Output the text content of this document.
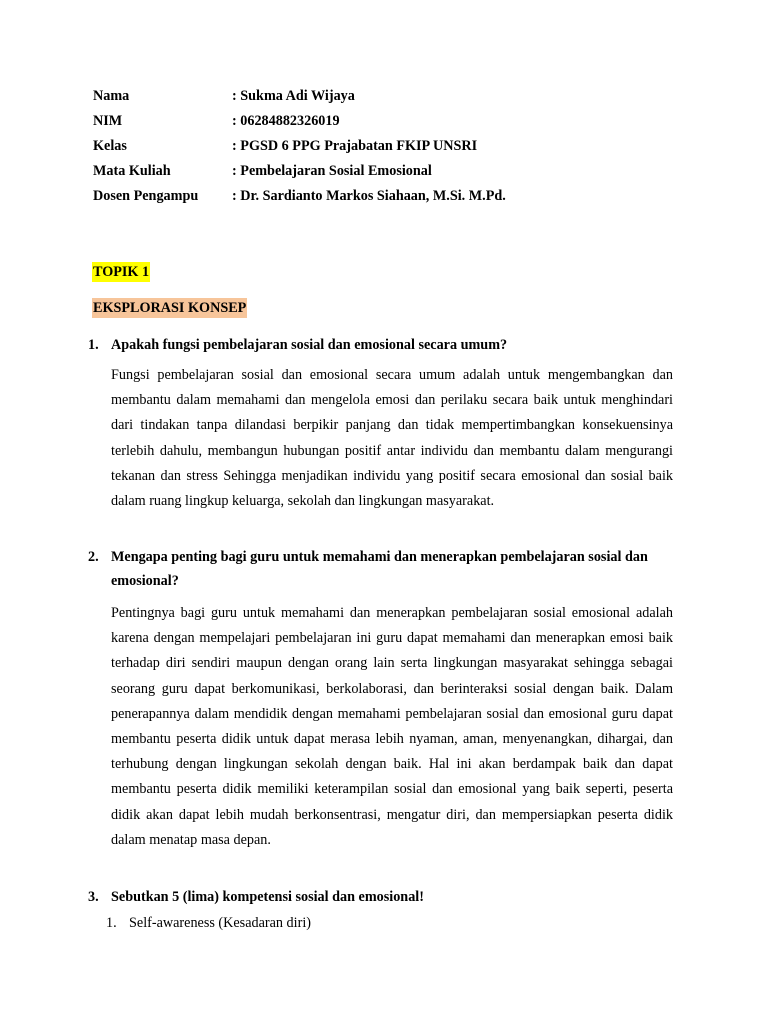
Nama	: Sukma Adi Wijaya
NIM	: 06284882326019
Kelas	: PGSD 6 PPG Prajabatan FKIP UNSRI
Mata Kuliah	: Pembelajaran Sosial Emosional
Dosen Pengampu : Dr. Sardianto Markos Siahaan, M.Si. M.Pd.
TOPIK 1
EKSPLORASI KONSEP
1. Apakah fungsi pembelajaran sosial dan emosional secara umum?
Fungsi pembelajaran sosial dan emosional secara umum adalah untuk mengembangkan dan membantu dalam memahami dan mengelola emosi dan perilaku secara baik untuk menghindari dari tindakan tanpa dilandasi berpikir panjang dan tidak mempertimbangkan konsekuensinya terlebih dahulu, membangun hubungan positif antar individu dan membantu dalam mengurangi tekanan dan stress Sehingga menjadikan individu yang positif secara emosional dan sosial baik dalam ruang lingkup keluarga, sekolah dan lingkungan masyarakat.
2. Mengapa penting bagi guru untuk memahami dan menerapkan pembelajaran sosial dan emosional?
Pentingnya bagi guru untuk memahami dan menerapkan pembelajaran sosial emosional adalah karena dengan mempelajari pembelajaran ini guru dapat memahami dan menerapkan emosi baik terhadap diri sendiri maupun dengan orang lain serta lingkungan masyarakat sehingga sebagai seorang guru dapat berkomunikasi, berkolaborasi, dan berinteraksi sosial dengan baik. Dalam penerapannya dalam mendidik dengan memahami pembelajaran sosial dan emosional guru dapat membantu peserta didik untuk dapat merasa lebih nyaman, aman, menyenangkan, dihargai, dan terhubung dengan lingkungan sekolah dengan baik. Hal ini akan berdampak baik dan dapat membantu peserta didik memiliki keterampilan sosial dan emosional yang baik seperti, peserta didik akan dapat lebih mudah berkonsentrasi, mengatur diri, dan mempersiapkan peserta didik dalam menatap masa depan.
3. Sebutkan 5 (lima) kompetensi sosial dan emosional!
1. Self-awareness (Kesadaran diri)
